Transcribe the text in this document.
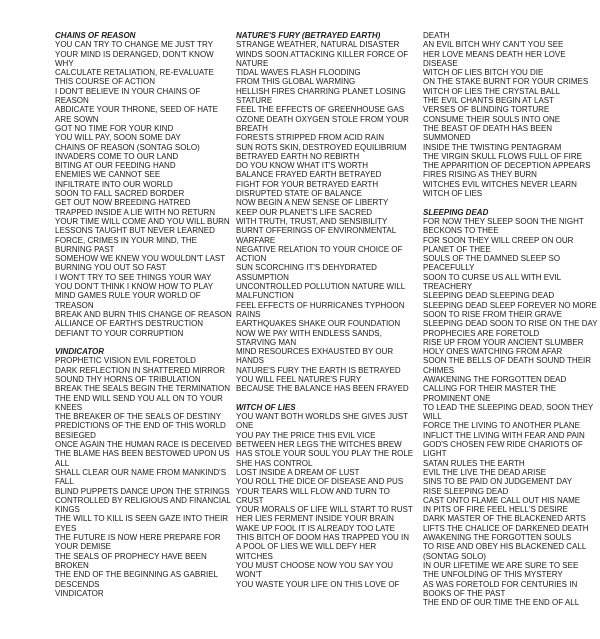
CHAINS OF REASON

YOU CAN TRY TO CHANGE ME JUST TRY

YOUR MIND IS DERANGED, DON'T KNOW WHY

CALCULATE RETALIATION, RE-EVALUATE

THIS COURSE OF ACTION

I DON'T BELIEVE IN YOUR CHAINS OF REASON

ABDICATE YOUR THRONE, SEED OF HATE ARE SOWN

GOT NO TIME FOR YOUR KIND

YOU WILL PAY, SOON SOME DAY

CHAINS OF REASON (SONTAG SOLO)

INVADERS COME TO OUR LAND

BITING AT OUR FEEDING HAND

ENEMIES WE CANNOT SEE

INFILTRATE INTO OUR WORLD

SOON TO FALL SACRED BORDER

GET OUT NOW BREEDING HATRED

TRAPPED INSIDE A LIE WITH NO RETURN

YOUR TIME WILL COME AND YOU WILL BURN

LESSONS TAUGHT BUT NEVER LEARNED

FORCE, CRIMES IN YOUR MIND, THE BURNING PAST

SOMEHOW WE KNEW YOU WOULDN'T LAST

BURNING YOU OUT SO FAST

I WON'T TRY TO SEE THINGS YOUR WAY

YOU DON'T THINK I KNOW HOW TO PLAY

MIND GAMES RULE YOUR WORLD OF TREASON

BREAK AND BURN THIS CHANGE OF REASON

ALLIANCE OF EARTH'S DESTRUCTION

DEFIANT TO YOUR CORRUPTION

VINDICATOR

PROPHETIC VISION EVIL FORETOLD

DARK REFLECTION IN SHATTERED MIRROR

SOUND THY HORNS OF TRIBULATION

BREAK THE SEALS BEGIN THE TERMINATION

THE END WILL SEND YOU ALL ON TO YOUR KNEES

THE BREAKER OF THE SEALS OF DESTINY

PREDICTIONS OF THE END OF THIS WORLD BESIEGED

ONCE AGAIN THE HUMAN RACE IS DECEIVED

THE BLAME HAS BEEN BESTOWED UPON US ALL

SHALL CLEAR OUR NAME FROM MANKIND'S FALL

BLIND PUPPETS DANCE UPON THE STRINGS

CONTROLLED BY RELIGIOUS AND FINANCIAL KINGS

THE WILL TO KILL IS SEEN GAZE INTO THEIR EYES

THE FUTURE IS NOW HERE PREPARE FOR YOUR DEMISE

THE SEALS OF PROPHECY HAVE BEEN BROKEN

THE END OF THE BEGINNING AS GABRIEL DESCENDS

VINDICATOR

NATURE'S FURY (BETRAYED EARTH)

STRANGE WEATHER, NATURAL DISASTER

WINDS SOON ATTACKING KILLER FORCE OF NATURE

TIDAL WAVES FLASH FLOODING

FROM THIS GLOBAL WARMING

HELLISH FIRES CHARRING PLANET LOSING STATURE

FEEL THE EFFECTS OF GREENHOUSE GAS

OZONE DEATH OXYGEN STOLE FROM YOUR BREATH

FORESTS STRIPPED FROM ACID RAIN

SUN ROTS SKIN, DESTROYED EQUILIBRIUM

BETRAYED EARTH NO REBIRTH

DO YOU KNOW WHAT IT'S WORTH

BALANCE FRAYED EARTH BETRAYED

FIGHT FOR YOUR BETRAYED EARTH

DISRUPTED STATE OF BALANCE

NOW BEGIN A NEW SENSE OF LIBERTY

KEEP OUR PLANET'S LIFE SACRED

WITH TRUTH, TRUST, AND SENSIBILITY

BURNT OFFERINGS OF ENVIRONMENTAL WARFARE

NEGATIVE RELATION TO YOUR CHOICE OF ACTION

SUN SCORCHING IT'S DEHYDRATED ASSUMPTION

UNCONTROLLED POLLUTION NATURE WILL MALFUNCTION

FEEL EFFECTS OF HURRICANES TYPHOON RAINS

EARTHQUAKES SHAKE OUR FOUNDATION

NOW WE PAY WITH ENDLESS SANDS, STARVING MAN

MIND RESOURCES EXHAUSTED BY OUR HANDS

NATURE'S FURY THE EARTH IS BETRAYED

YOU WILL FEEL NATURE'S FURY

BECAUSE THE BALANCE HAS BEEN FRAYED

WITCH OF LIES

YOU WANT BOTH WORLDS SHE GIVES JUST ONE

YOU PAY THE PRICE THIS EVIL VICE

BETWEEN HER LEGS THE WITCHES BREW

HAS STOLE YOUR SOUL YOU PLAY THE ROLE

SHE HAS CONTROL

LOST INSIDE A DREAM OF LUST

YOU ROLL THE DICE OF DISEASE AND PUS

YOUR TEARS WILL FLOW AND TURN TO CRUST

YOUR MORALS OF LIFE WILL START TO RUST

HER LIES FERMENT INSIDE YOUR BRAIN

WAKE UP FOOL IT IS ALREADY TOO LATE

THIS BITCH OF DOOM HAS TRAPPED YOU IN

A POOL OF LIES WE WILL DEFY HER WITCHES

YOU MUST CHOOSE NOW YOU SAY YOU WON'T

YOU WASTE YOUR LIFE ON THIS LOVE OF

DEATH

AN EVIL BITCH WHY CAN'T YOU SEE

HER LOVE MEANS DEATH HER LOVE DISEASE

WITCH OF LIES BITCH YOU DIE

ON THE STAKE BURNT FOR YOUR CRIMES

WITCH OF LIES THE CRYSTAL BALL

THE EVIL CHANTS BEGIN AT LAST

VERSES OF BLINDING TORTURE

CONSUME THEIR SOULS INTO ONE

THE BEAST OF DEATH HAS BEEN SUMMONED

INSIDE THE TWISTING PENTAGRAM

THE VIRGIN SKULL FLOWS FULL OF FIRE

THE APPARITION OF DECEPTION APPEARS

FIRES RISING AS THEY BURN

WITCHES EVIL WITCHES NEVER LEARN

WITCH OF LIES

SLEEPING DEAD

FOR NOW THEY SLEEP SOON THE NIGHT BECKONS TO THEE

FOR SOON THEY WILL CREEP ON OUR PLANET OF THEE

SOULS OF THE DAMNED SLEEP SO PEACEFULLY

SOON TO CURSE US ALL WITH EVIL TREACHERY

SLEEPING DEAD SLEEPING DEAD

SLEEPING DEAD SLEEP FOREVER NO MORE

SOON TO RISE FROM THEIR GRAVE

SLEEPING DEAD SOON TO RISE ON THE DAY

PROPHECIES ARE FORETOLD

RISE UP FROM YOUR ANCIENT SLUMBER

HOLY ONES WATCHING FROM AFAR

SOON THE BELLS OF DEATH SOUND THEIR CHIMES

AWAKENING THE FORGOTTEN DEAD

CALLING FOR THEIR MASTER THE PROMINENT ONE

TO LEAD THE SLEEPING DEAD, SOON THEY WILL

FORCE THE LIVING TO ANOTHER PLANE

INFLICT THE LIVING WITH FEAR AND PAIN

GOD'S CHOSEN FEW RIDE CHARIOTS OF LIGHT

SATAN RULES THE EARTH

EVIL THE LIVE THE DEAD ARISE

SINS TO BE PAID ON JUDGEMENT DAY

RISE SLEEPING DEAD

CAST ONTO FLAME CALL OUT HIS NAME

IN PITS OF FIRE FEEL HELL'S DESIRE

DARK MASTER OF THE BLACKENED ARTS

LIFTS THE CHALICE OF DARKENED DEATH

AWAKENING THE FORGOTTEN SOULS

TO RISE AND OBEY HIS BLACKENED CALL

(SONTAG SOLO)

IN OUR LIFETIME WE ARE SURE TO SEE

THE UNFOLDING OF THIS MYSTERY

AS WAS FORETOLD FOR CENTURIES IN

BOOKS OF THE PAST

THE END OF OUR TIME THE END OF ALL
